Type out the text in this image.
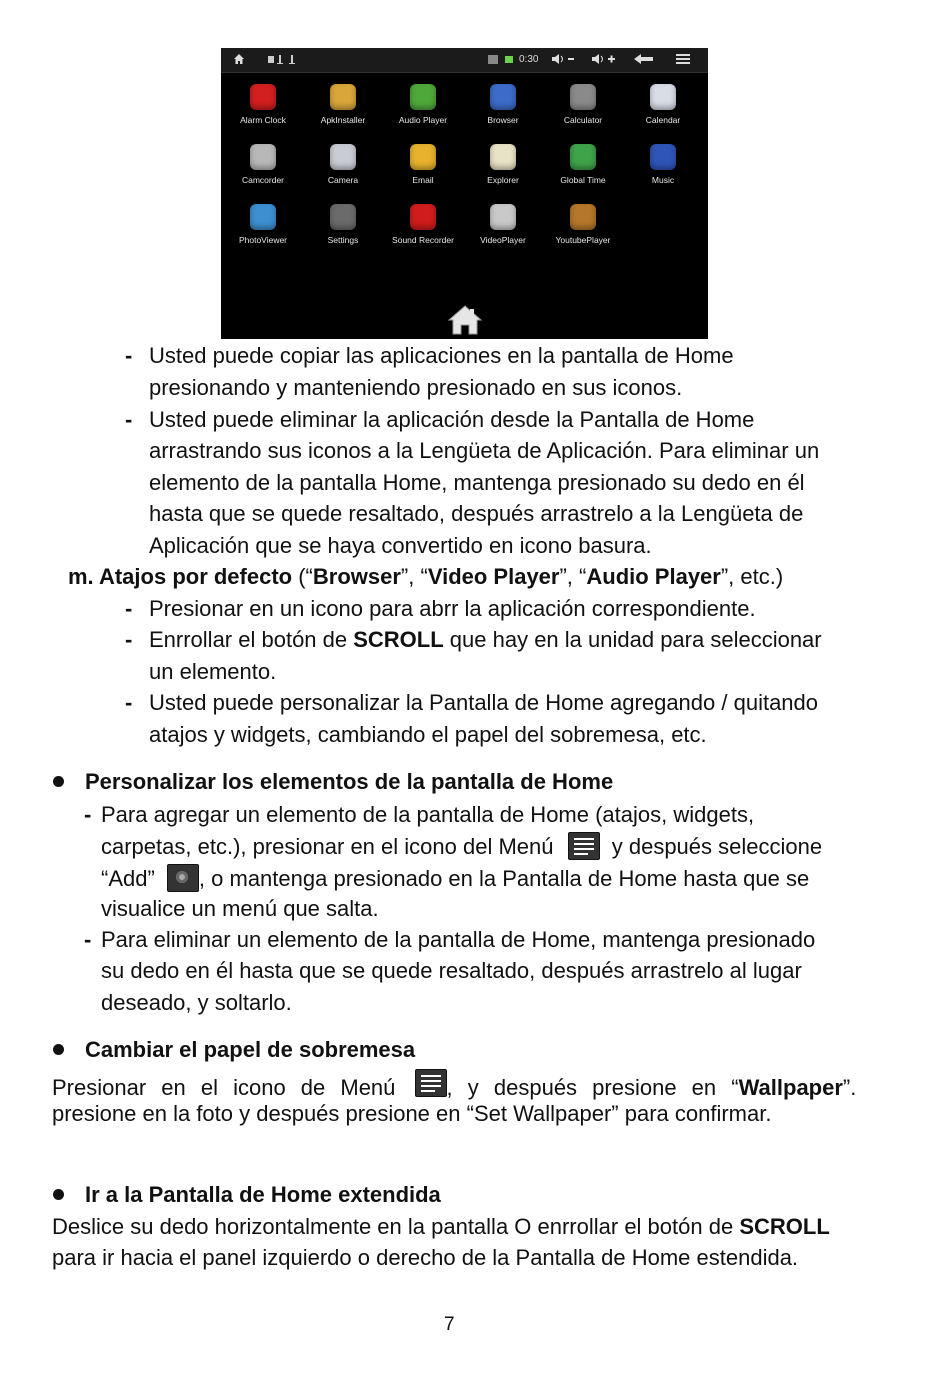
0:30
Alarm Clock	ApkInstaller	Audio Player	Browser	Calculator	Calendar
Camcorder	Camera	Email	Explorer	Global Time	Music
PhotoViewer	Settings	Sound Recorder	VideoPlayer	YoutubePlayer
- Usted puede copiar las aplicaciones en la pantalla de Home
presionando y manteniendo presionado en sus iconos.
- Usted puede eliminar la aplicación desde la Pantalla de Home
arrastrando sus iconos a la Lengüeta de Aplicación. Para eliminar un
elemento de la pantalla Home, mantenga presionado su dedo en él
hasta que se quede resaltado, después arrastrelo a la Lengüeta de
Aplicación que se haya convertido en icono basura.
m. Atajos por defecto (“Browser”, “Video Player”, “Audio Player”, etc.)
- Presionar en un icono para abrr la aplicación correspondiente.
- Enrrollar el botón de SCROLL que hay en la unidad para seleccionar
un elemento.
- Usted puede personalizar la Pantalla de Home agregando / quitando
atajos y widgets, cambiando el papel del sobremesa, etc.
Personalizar los elementos de la pantalla de Home
- Para agregar un elemento de la pantalla de Home (atajos, widgets,
carpetas, etc.), presionar en el icono del Menú	y después seleccione
“Add” , o mantenga presionado en la Pantalla de Home hasta que se
visualice un menú que salta.
- Para eliminar un elemento de la pantalla de Home, mantenga presionado
su dedo en él hasta que se quede resaltado, después arrastrelo al lugar
deseado, y soltarlo.
Cambiar el papel de sobremesa
Presionar en el icono de Menú , y después presione en “Wallpaper”.
presione en la foto y después presione en “Set Wallpaper” para confirmar.
Ir a la Pantalla de Home extendida
Deslice su dedo horizontalmente en la pantalla O enrrollar el botón de SCROLL
para ir hacia el panel izquierdo o derecho de la Pantalla de Home estendida.
7
